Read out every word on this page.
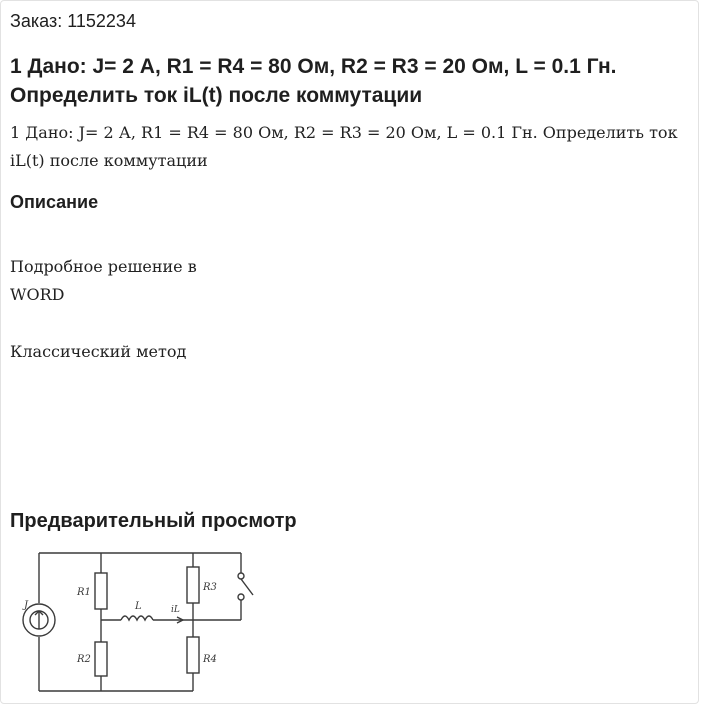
Заказ: 1152234
1 Дано: J= 2 А, R1 = R4 = 80 Ом, R2 = R3 = 20 Ом, L = 0.1 Гн. Определить ток iL(t) после коммутации
1 Дано: J= 2 А, R1 = R4 = 80 Ом, R2 = R3 = 20 Ом, L = 0.1 Гн. Определить ток iL(t) после коммутации
Описание
Подробное решение в WORD
Классический метод
Предварительный просмотр
J
R1
R2
L	iL
R3
R4
